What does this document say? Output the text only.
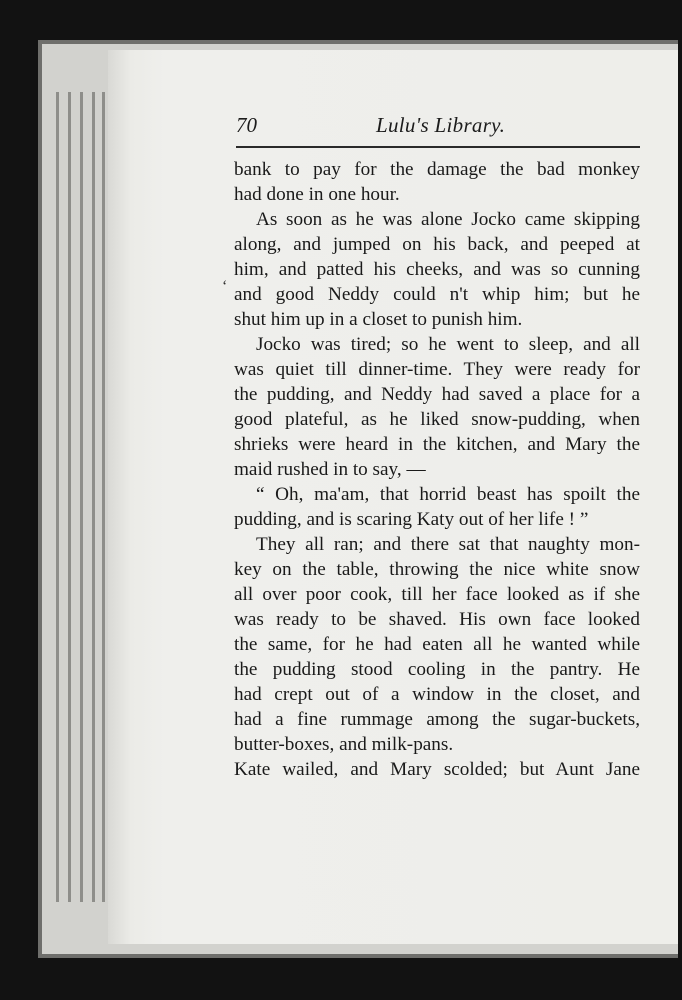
70	Lulu's Library.
‘
bank to pay for the damage the bad monkey
had done in one hour.
As soon as he was alone Jocko came skipping
along, and jumped on his back, and peeped at
him, and patted his cheeks, and was so cunning
and good Neddy could n't whip him; but he
shut him up in a closet to punish him.
Jocko was tired; so he went to sleep, and all
was quiet till dinner-time. They were ready for
the pudding, and Neddy had saved a place for a
good plateful, as he liked snow-pudding, when
shrieks were heard in the kitchen, and Mary the
maid rushed in to say, —
“ Oh, ma'am, that horrid beast has spoilt the
pudding, and is scaring Katy out of her life ! ”
They all ran; and there sat that naughty mon-
key on the table, throwing the nice white snow
all over poor cook, till her face looked as if she
was ready to be shaved. His own face looked
the same, for he had eaten all he wanted while
the pudding stood cooling in the pantry. He
had crept out of a window in the closet, and
had a fine rummage among the sugar-buckets,
butter-boxes, and milk-pans.
Kate wailed, and Mary scolded; but Aunt Jane
